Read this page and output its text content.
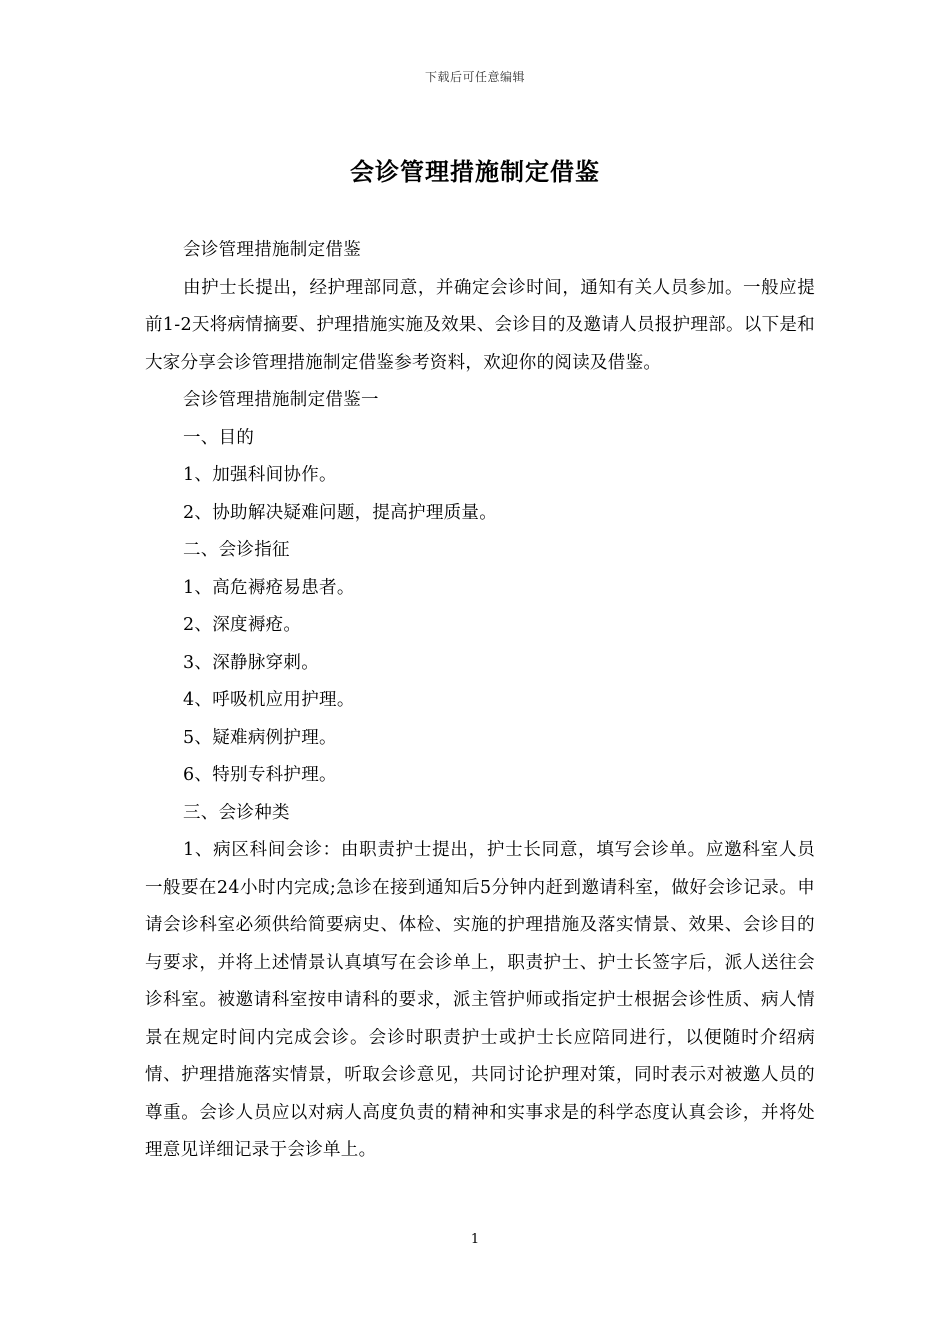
下载后可任意编辑
会诊管理措施制定借鉴

会诊管理措施制定借鉴

由护士长提出，经护理部同意，并确定会诊时间，通知有关人员参加。一般应提前1-2天将病情摘要、护理措施实施及效果、会诊目的及邀请人员报护理部。以下是和大家分享会诊管理措施制定借鉴参考资料，欢迎你的阅读及借鉴。

会诊管理措施制定借鉴一

一、目的

1、加强科间协作。

2、协助解决疑难问题，提高护理质量。

二、会诊指征

1、高危褥疮易患者。

2、深度褥疮。

3、深静脉穿刺。

4、呼吸机应用护理。

5、疑难病例护理。

6、特别专科护理。

三、会诊种类

1、病区科间会诊：由职责护士提出，护士长同意，填写会诊单。应邀科室人员一般要在24小时内完成;急诊在接到通知后5分钟内赶到邀请科室，做好会诊记录。申请会诊科室必须供给简要病史、体检、实施的护理措施及落实情景、效果、会诊目的与要求，并将上述情景认真填写在会诊单上，职责护士、护士长签字后，派人送往会诊科室。被邀请科室按申请科的要求，派主管护师或指定护士根据会诊性质、病人情景在规定时间内完成会诊。会诊时职责护士或护士长应陪同进行，以便随时介绍病情、护理措施落实情景，听取会诊意见，共同讨论护理对策，同时表示对被邀人员的尊重。会诊人员应以对病人高度负责的精神和实事求是的科学态度认真会诊，并将处理意见详细记录于会诊单上。

1
